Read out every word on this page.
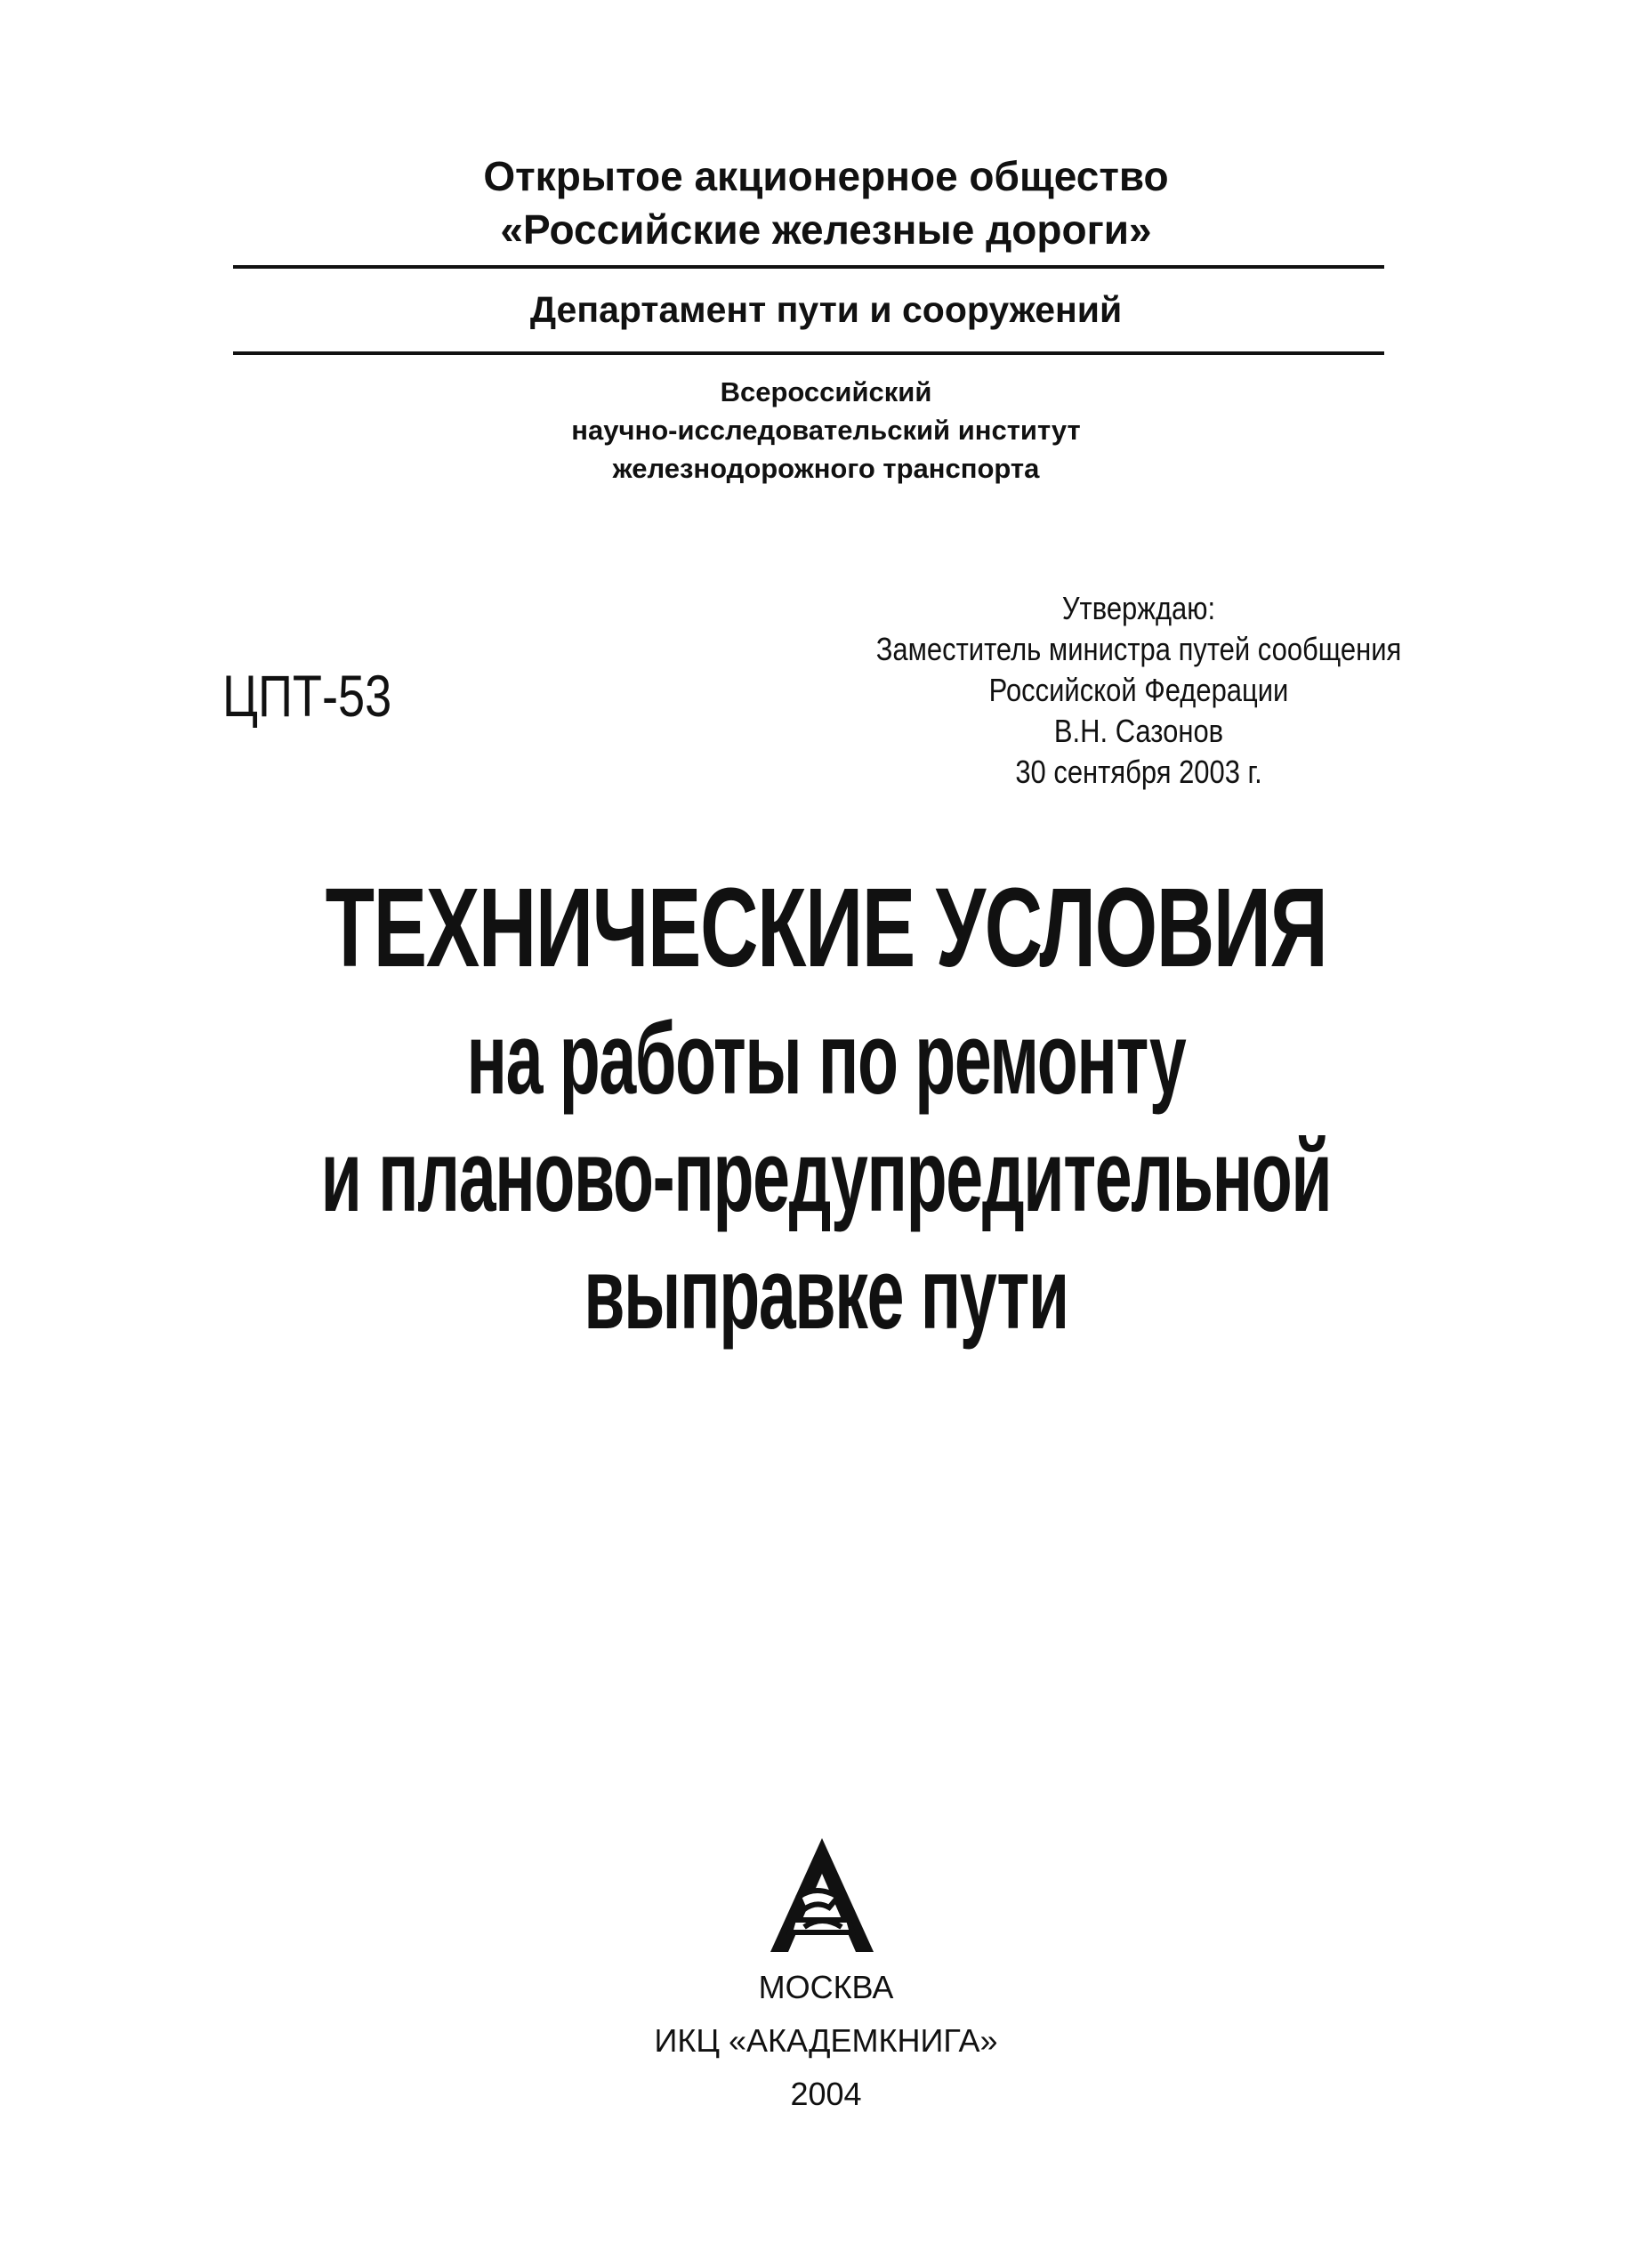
Открытое акционерное общество
«Российские железные дороги»
Департамент пути и сооружений
Всероссийский
научно-исследовательский институт
железнодорожного транспорта
ЦПТ-53
Утверждаю:
Заместитель министра путей сообщения
Российской Федерации
В.Н. Сазонов
30 сентября 2003 г.
ТЕХНИЧЕСКИЕ УСЛОВИЯ
на работы по ремонту
и планово-предупредительной
выправке пути
МОСКВА
ИКЦ «АКАДЕМКНИГА»
2004
